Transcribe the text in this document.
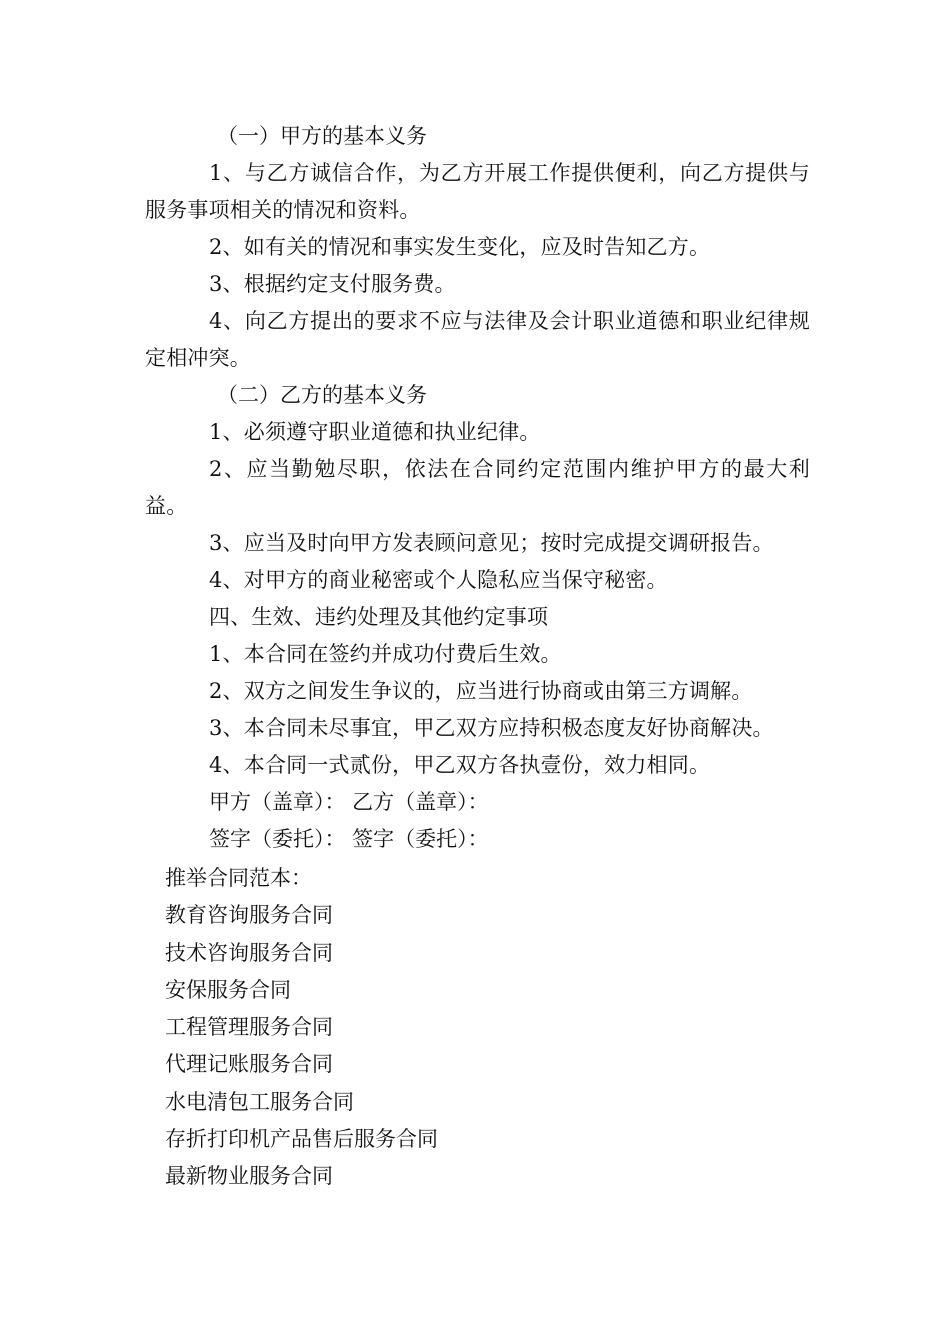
（一）甲方的基本义务
1、与乙方诚信合作，为乙方开展工作提供便利，向乙方提供与服务事项相关的情况和资料。
2、如有关的情况和事实发生变化，应及时告知乙方。
3、根据约定支付服务费。
4、向乙方提出的要求不应与法律及会计职业道德和职业纪律规定相冲突。
（二）乙方的基本义务
1、必须遵守职业道德和执业纪律。
2、应当勤勉尽职，依法在合同约定范围内维护甲方的最大利益。
3、应当及时向甲方发表顾问意见；按时完成提交调研报告。
4、对甲方的商业秘密或个人隐私应当保守秘密。
四、生效、违约处理及其他约定事项
1、本合同在签约并成功付费后生效。
2、双方之间发生争议的，应当进行协商或由第三方调解。
3、本合同未尽事宜，甲乙双方应持积极态度友好协商解决。
4、本合同一式贰份，甲乙双方各执壹份，效力相同。
甲方（盖章）： 乙方（盖章）：
签字（委托）： 签字（委托）：
推举合同范本：
教育咨询服务合同
技术咨询服务合同
安保服务合同
工程管理服务合同
代理记账服务合同
水电清包工服务合同
存折打印机产品售后服务合同
最新物业服务合同
